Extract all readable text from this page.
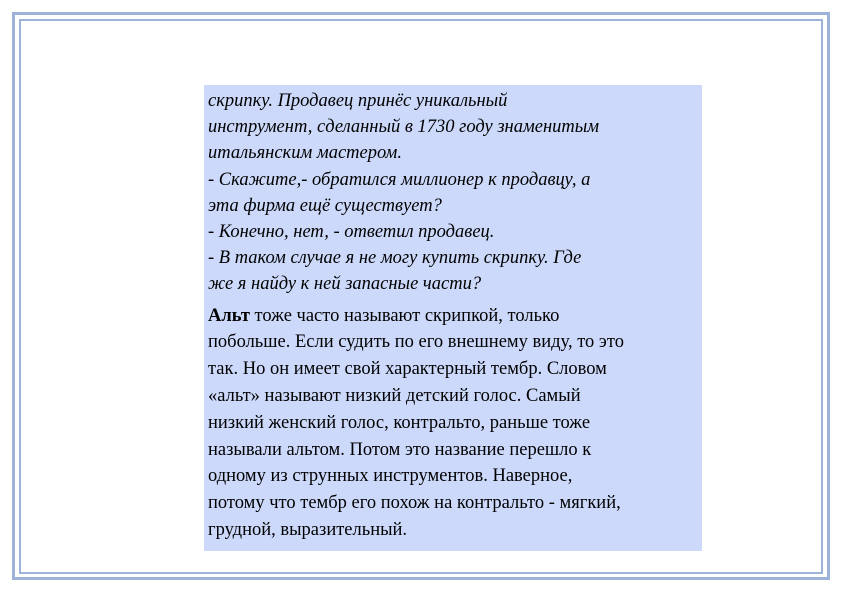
скрипку. Продавец принёс уникальный

инструмент, сделанный в 1730 году знаменитым

итальянским мастером.

- Скажите,- обратился миллионер к продавцу, а

эта фирма ещё существует?

- Конечно, нет, - ответил продавец.

- В таком случае я не могу купить скрипку. Где

же я найду к ней запасные части?

Альт тоже часто называют скрипкой, только

побольше. Если судить по его внешнему виду, то это

так. Но он имеет свой характерный тембр. Словом

«альт» называют низкий детский голос. Самый

низкий женский голос, контральто, раньше тоже

называли альтом. Потом это название перешло к

одному из струнных инструментов. Наверное,

потому что тембр его похож на контральто - мягкий,

грудной, выразительный.
